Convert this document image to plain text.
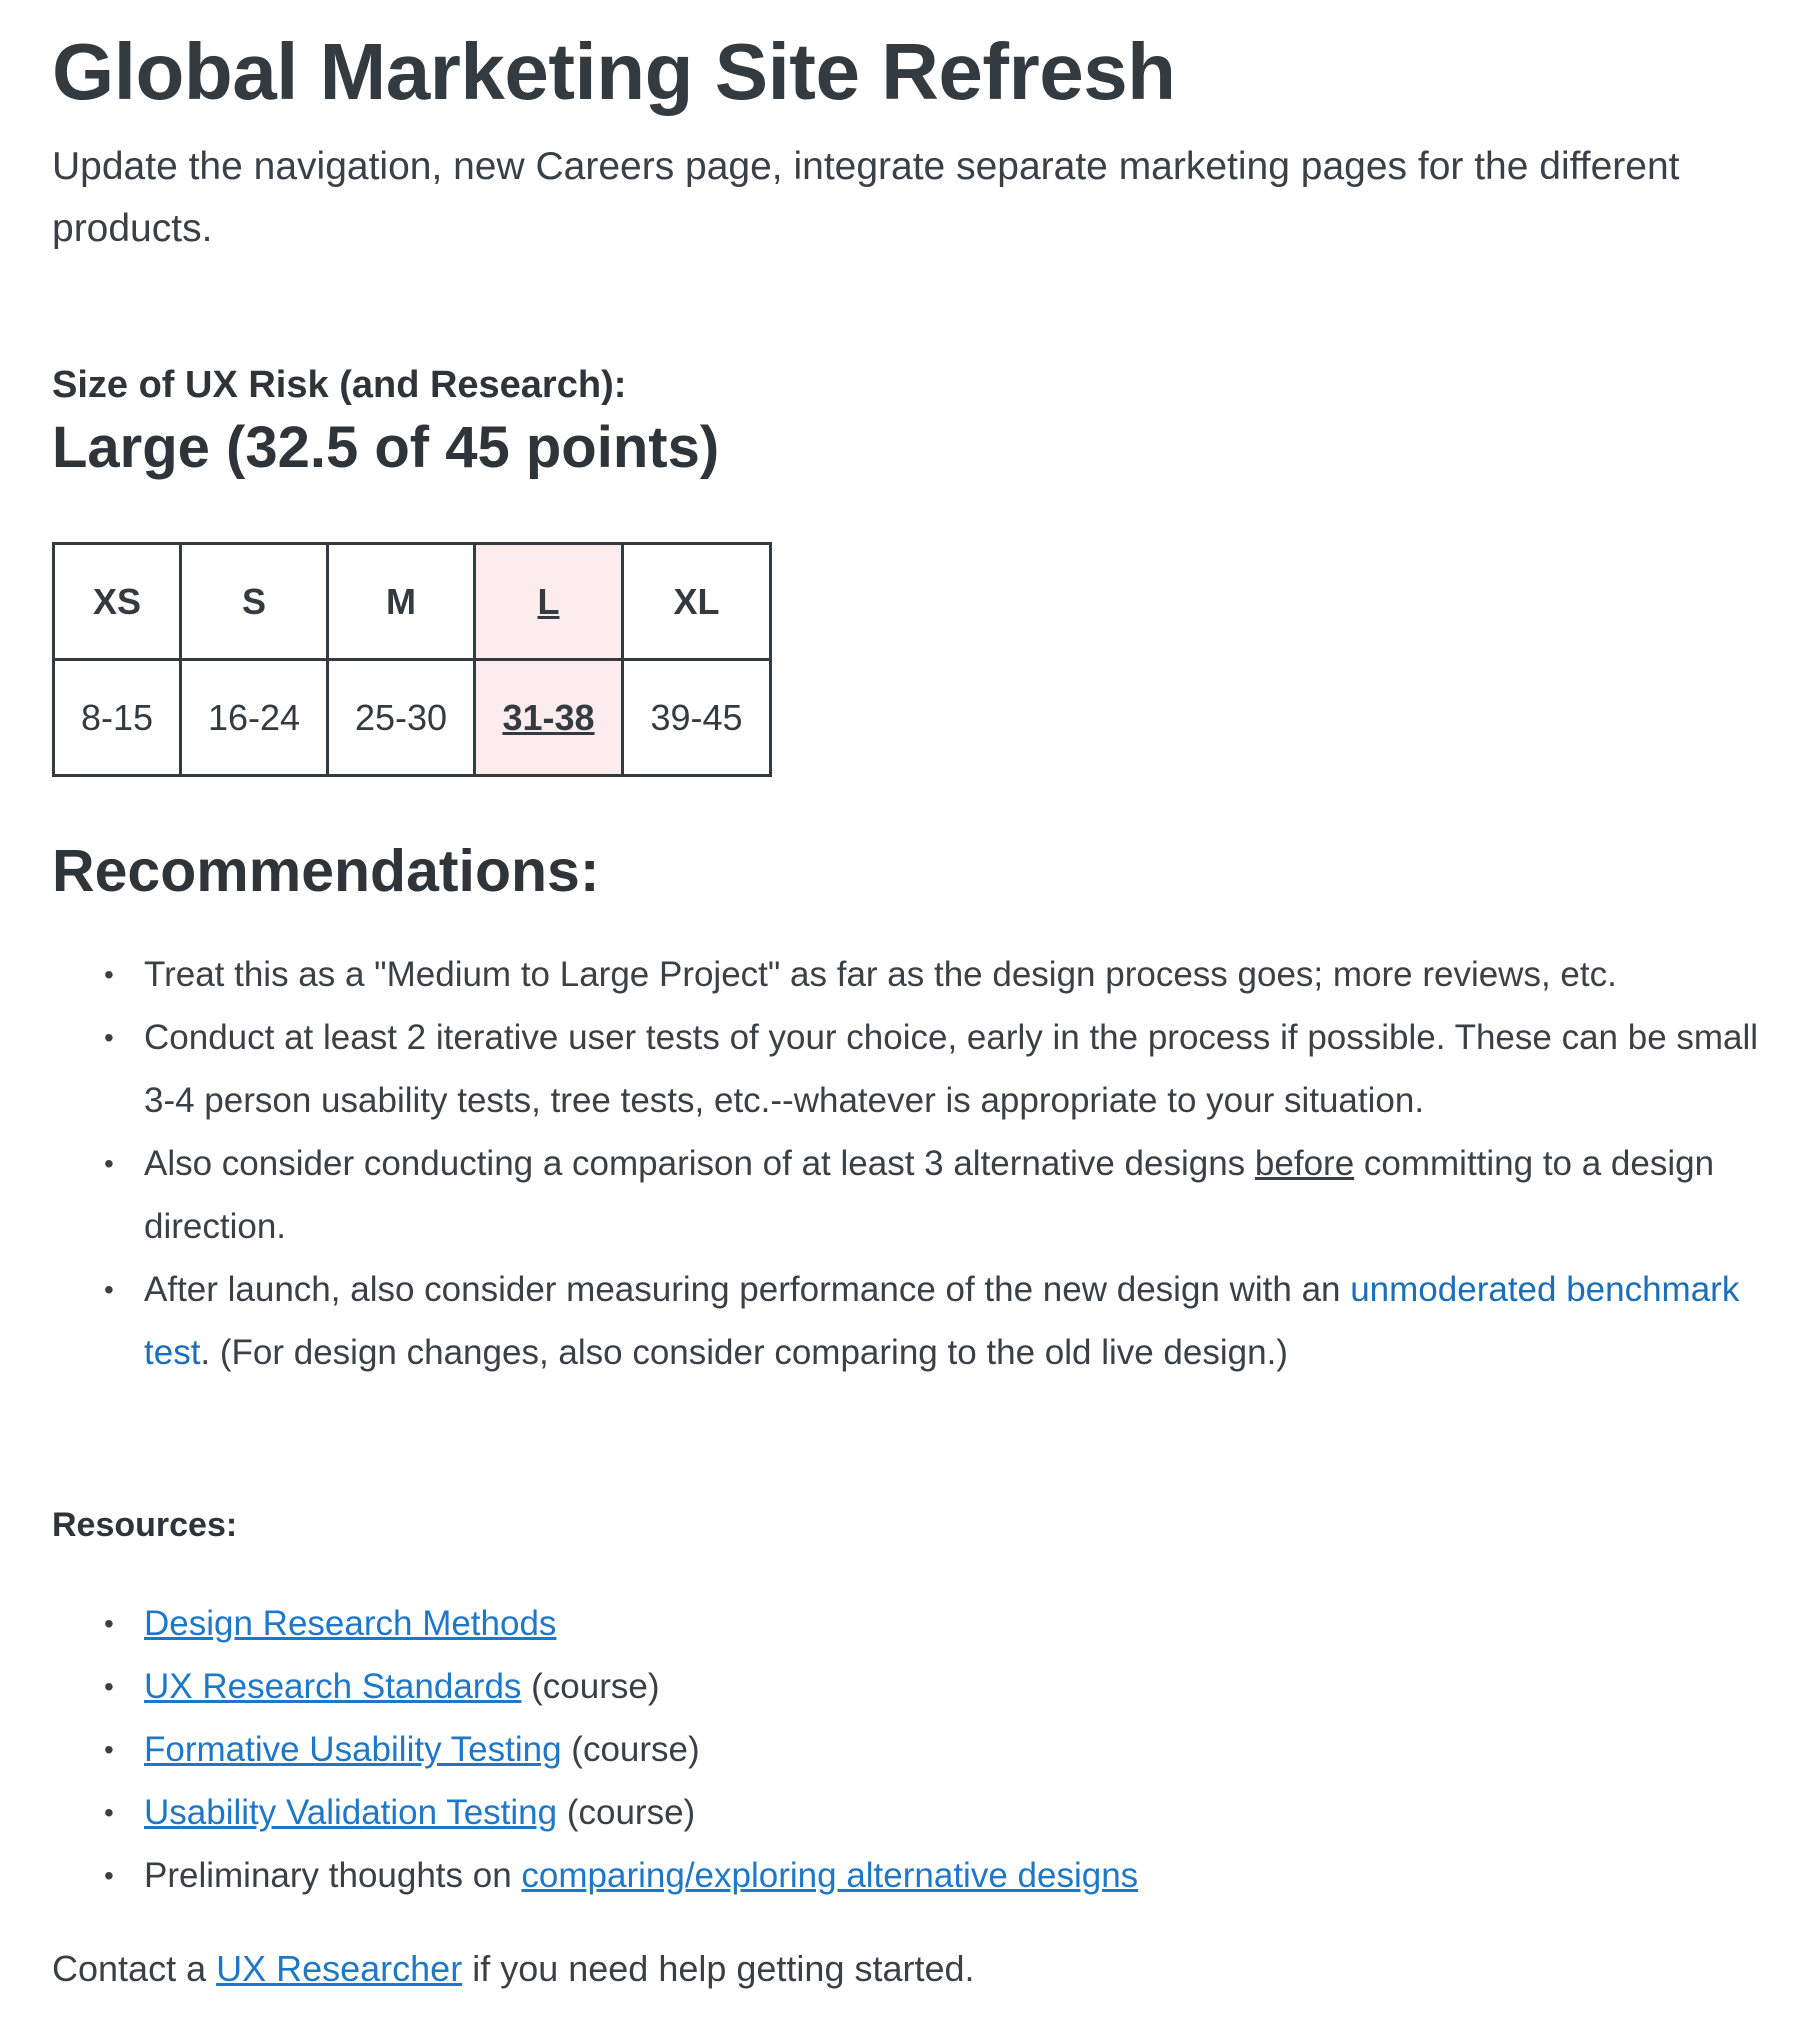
Global Marketing Site Refresh

Update the navigation, new Careers page, integrate separate marketing pages for the different products.

Size of UX Risk (and Research):
Large (32.5 of 45 points)
XS	S	M	L	XL
8-15	16-24	25-30	31-38	39-45
Recommendations:
• Treat this as a "Medium to Large Project" as far as the design process goes; more reviews, etc.
• Conduct at least 2 iterative user tests of your choice, early in the process if possible. These can be small 3-4 person usability tests, tree tests, etc.--whatever is appropriate to your situation.
• Also consider conducting a comparison of at least 3 alternative designs before committing to a design direction.
• After launch, also consider measuring performance of the new design with an unmoderated benchmark test. (For design changes, also consider comparing to the old live design.)
Resources:
• Design Research Methods
• UX Research Standards (course)
• Formative Usability Testing (course)
• Usability Validation Testing (course)
• Preliminary thoughts on comparing/exploring alternative designs

Contact a UX Researcher if you need help getting started.
